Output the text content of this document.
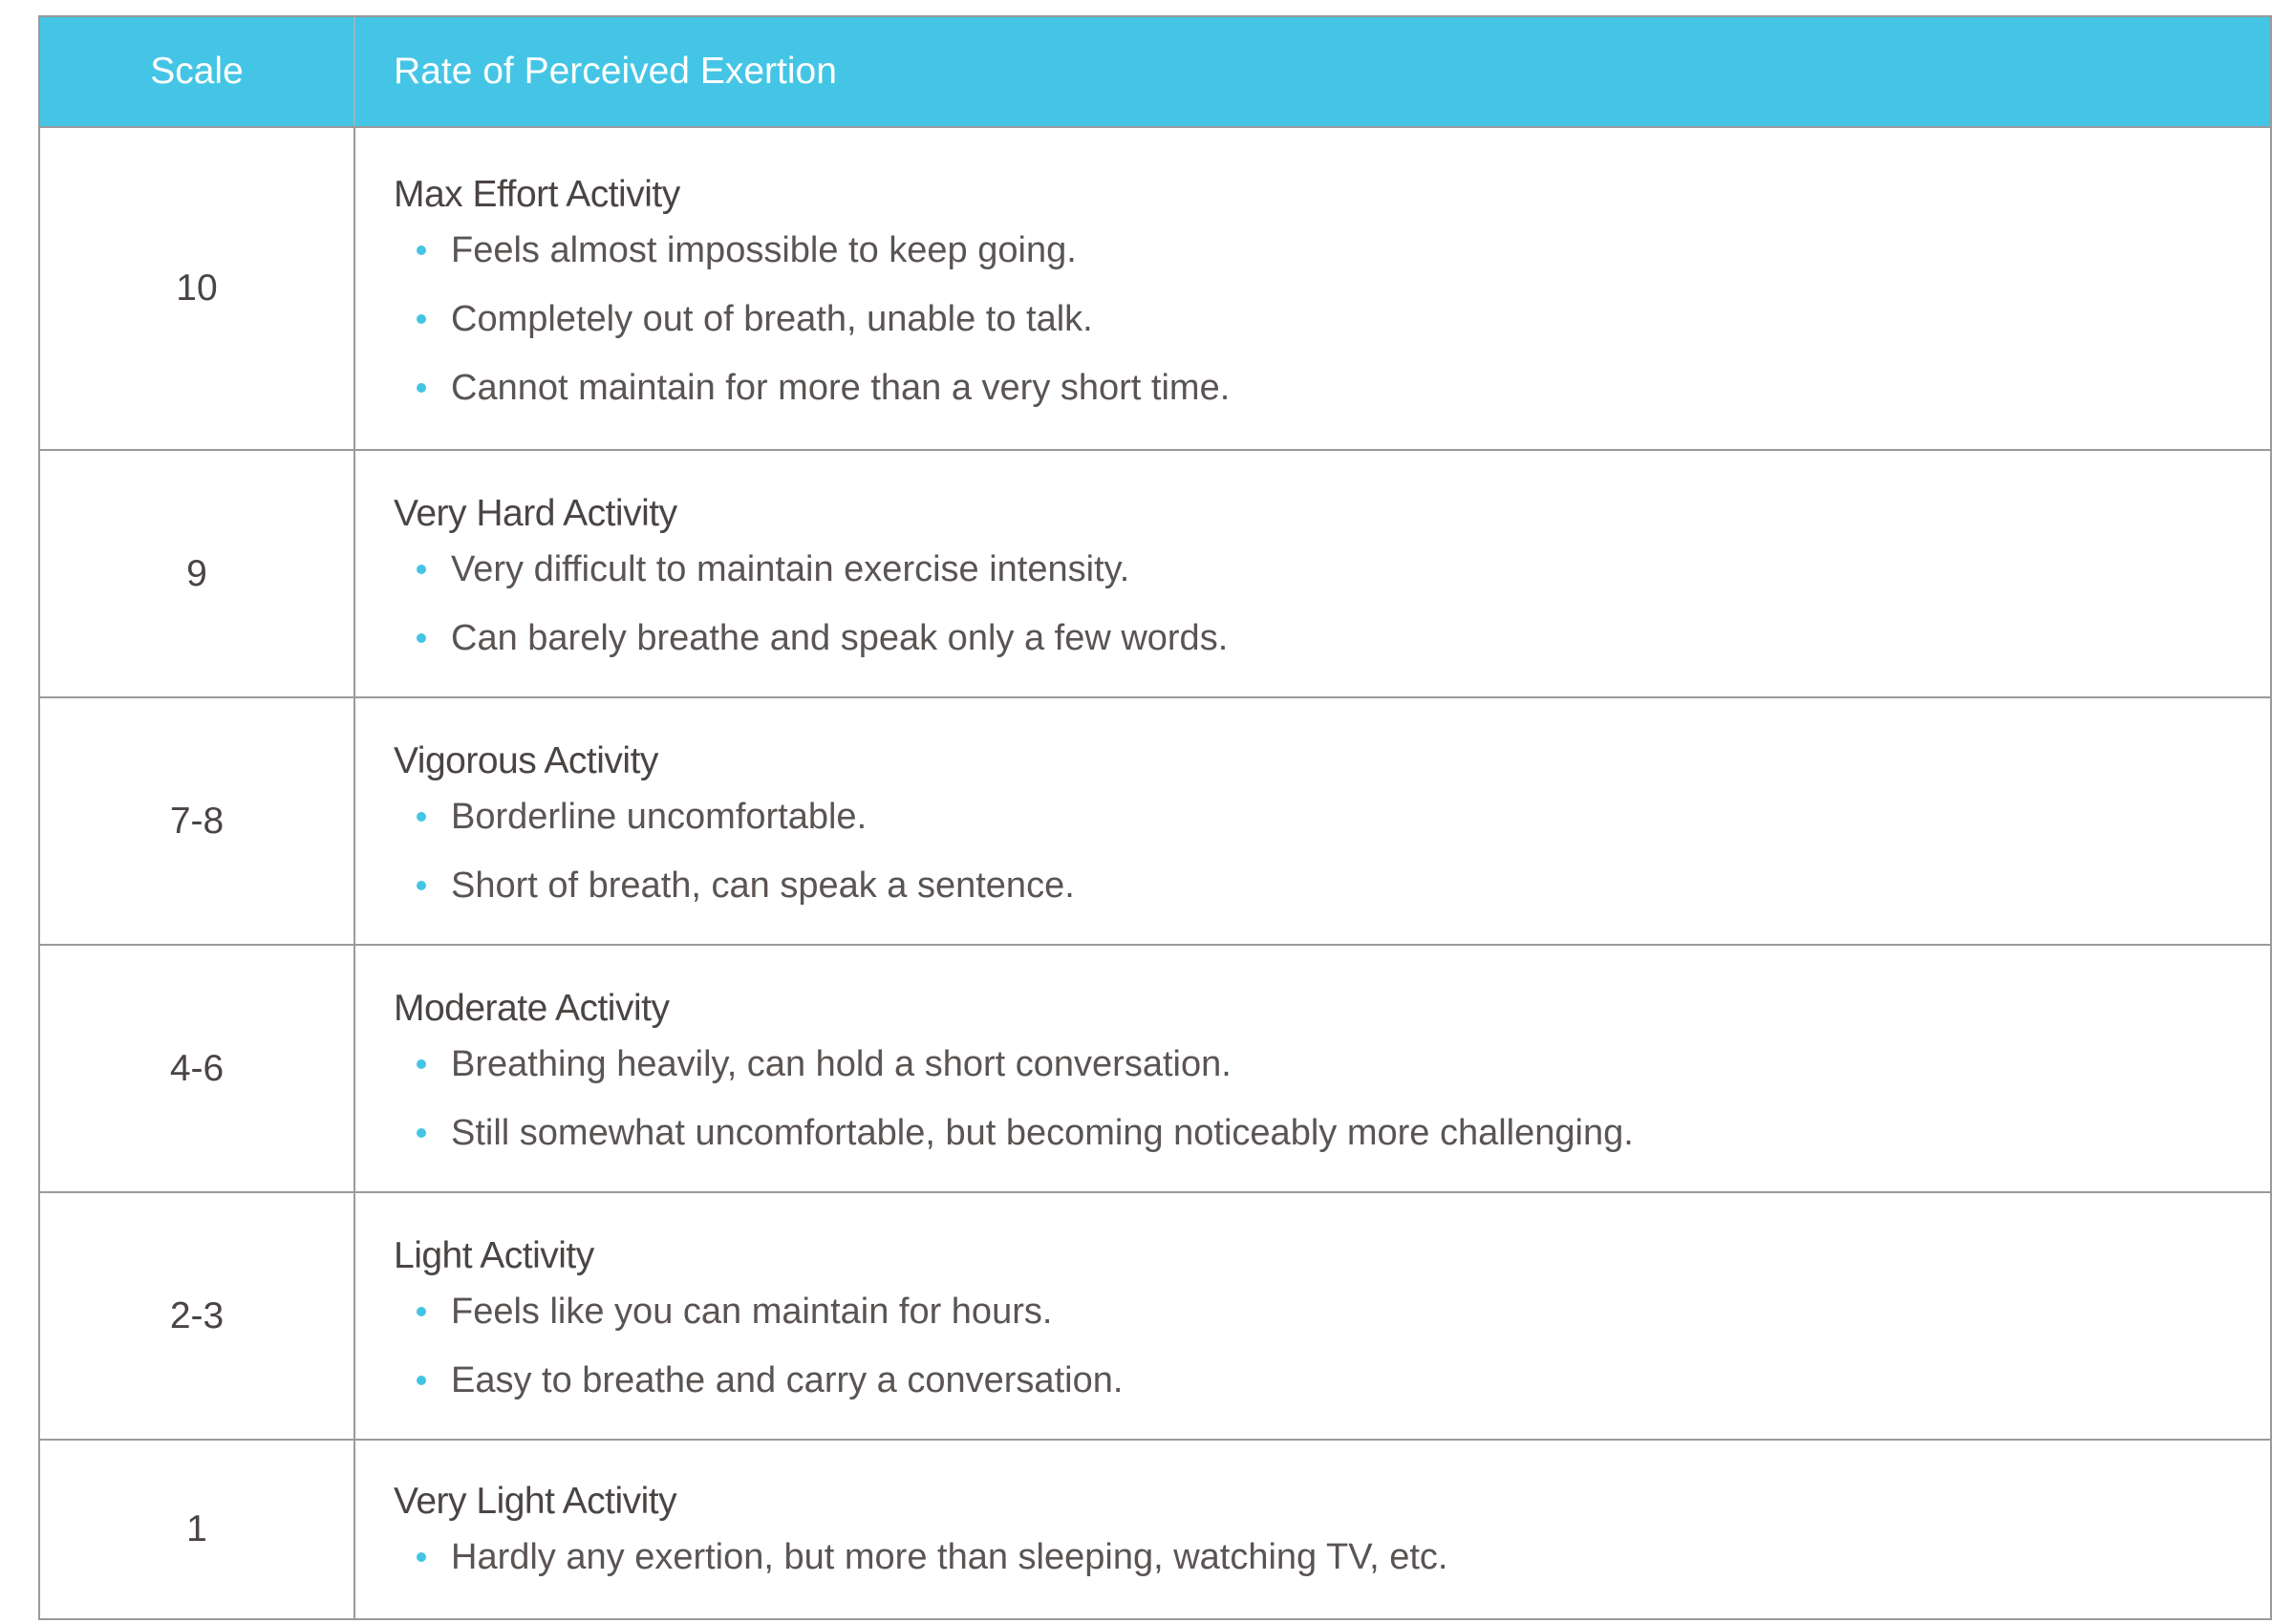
Scale	Rate of Perceived Exertion
10
Max Effort Activity
Feels almost impossible to keep going.
Completely out of breath, unable to talk.
Cannot maintain for more than a very short time.
9
Very Hard Activity
Very difficult to maintain exercise intensity.
Can barely breathe and speak only a few words.
7-8
Vigorous Activity
Borderline uncomfortable.
Short of breath, can speak a sentence.
4-6
Moderate Activity
Breathing heavily, can hold a short conversation.
Still somewhat uncomfortable, but becoming noticeably more challenging.
2-3
Light Activity
Feels like you can maintain for hours.
Easy to breathe and carry a conversation.
1
Very Light Activity
Hardly any exertion, but more than sleeping, watching TV, etc.
